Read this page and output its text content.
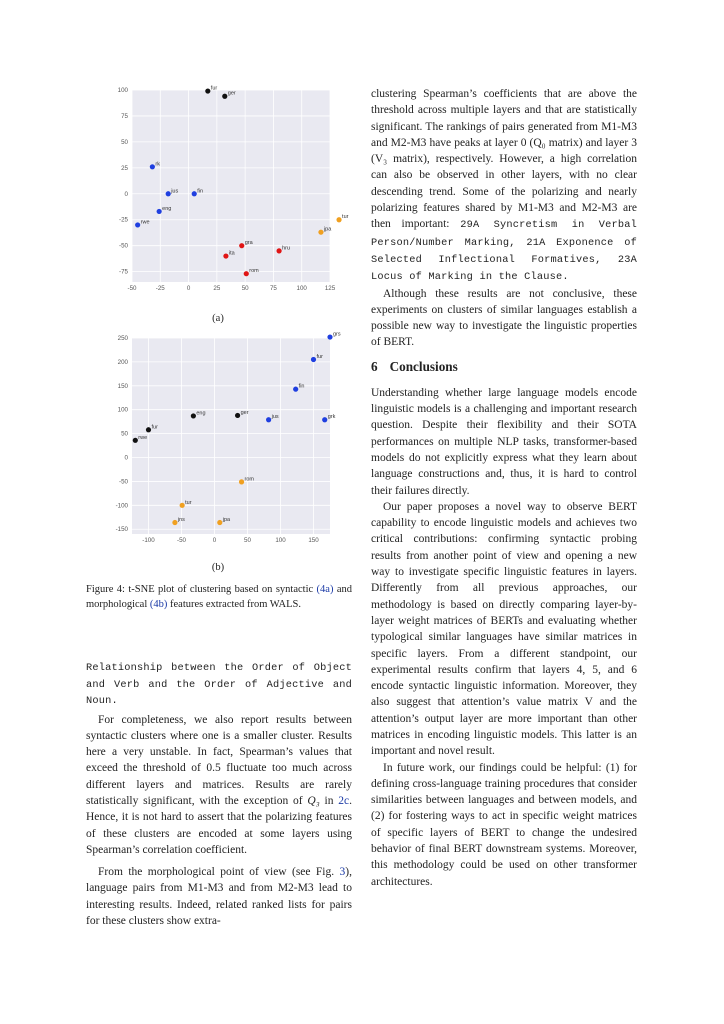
-50	-25	0	25	50	75	100	125
100
75
50
25
0
-25
-50
-75
fur
ger
rk
jus	fin
eng
rwe
tur
jpa
gra
hru
ita
rom
(a)
-100	-50	0	50	100	150
250
200
150
100
50
0
-50
-100
-150
grs
fur
fin
eng	ger
jus	grk
fur
rwe
rom
tur
jns	jpa
(b)
Figure 4: t-SNE plot of clustering based on syntactic (4a) and morphological (4b) features extracted from WALS.

Relationship between the Order of Object and Verb and the Order of Adjective and Noun.

For completeness, we also report results between syntactic clusters where one is a smaller cluster. Results here a very unstable. In fact, Spearman’s values that exceed the threshold of 0.5 fluctuate too much across different layers and matrices. Results are rarely statistically significant, with the exception of Q₃ in 2c. Hence, it is not hard to assert that the polarizing features of these clusters are encoded at some layers using Spearman’s correlation coefficient.

From the morphological point of view (see Fig. 3), language pairs from M1-M3 and from M2-M3 lead to interesting results. Indeed, related ranked lists for pairs for these clusters show extra-

clustering Spearman’s coefficients that are above the threshold across multiple layers and that are statistically significant. The rankings of pairs generated from M1-M3 and M2-M3 have peaks at layer 0 (Q₀ matrix) and layer 3 (V₃ matrix), respectively. However, a high correlation can also be observed in other layers, with no clear descending trend. Some of the polarizing and nearly polarizing features shared by M1-M3 and M2-M3 are then important: 29A Syncretism in Verbal Person/Number Marking, 21A Exponence of Selected Inflectional Formatives, 23A Locus of Marking in the Clause.

Although these results are not conclusive, these experiments on clusters of similar languages establish a possible new way to investigate the linguistic properties of BERT.

6 Conclusions

Understanding whether large language models encode linguistic models is a challenging and important research question. Despite their flexibility and their SOTA performances on multiple NLP tasks, transformer-based models do not explicitly express what they learn about language constructions and, thus, it is hard to control their failures directly.

Our paper proposes a novel way to observe BERT capability to encode linguistic models and achieves two critical contributions: confirming syntactic probing results from another point of view and opening a new way to investigate specific linguistic features in layers. Differently from all previous approaches, our methodology is based on directly comparing layer-by-layer weight matrices of BERTs and evaluating whether typological similar languages have similar matrices in specific layers. From a different standpoint, our experimental results confirm that layers 4, 5, and 6 encode syntactic linguistic information. Moreover, they also suggest that attention’s value matrix V and the attention’s output layer are more important than other matrices in encoding linguistic models. This latter is an important and novel result.

In future work, our findings could be helpful: (1) for defining cross-language training procedures that consider similarities between languages and between models, and (2) for fostering ways to act in specific weight matrices of specific layers of BERT to change the undesired behavior of final BERT downstream systems. Moreover, this methodology could be used on other transformer architectures.
